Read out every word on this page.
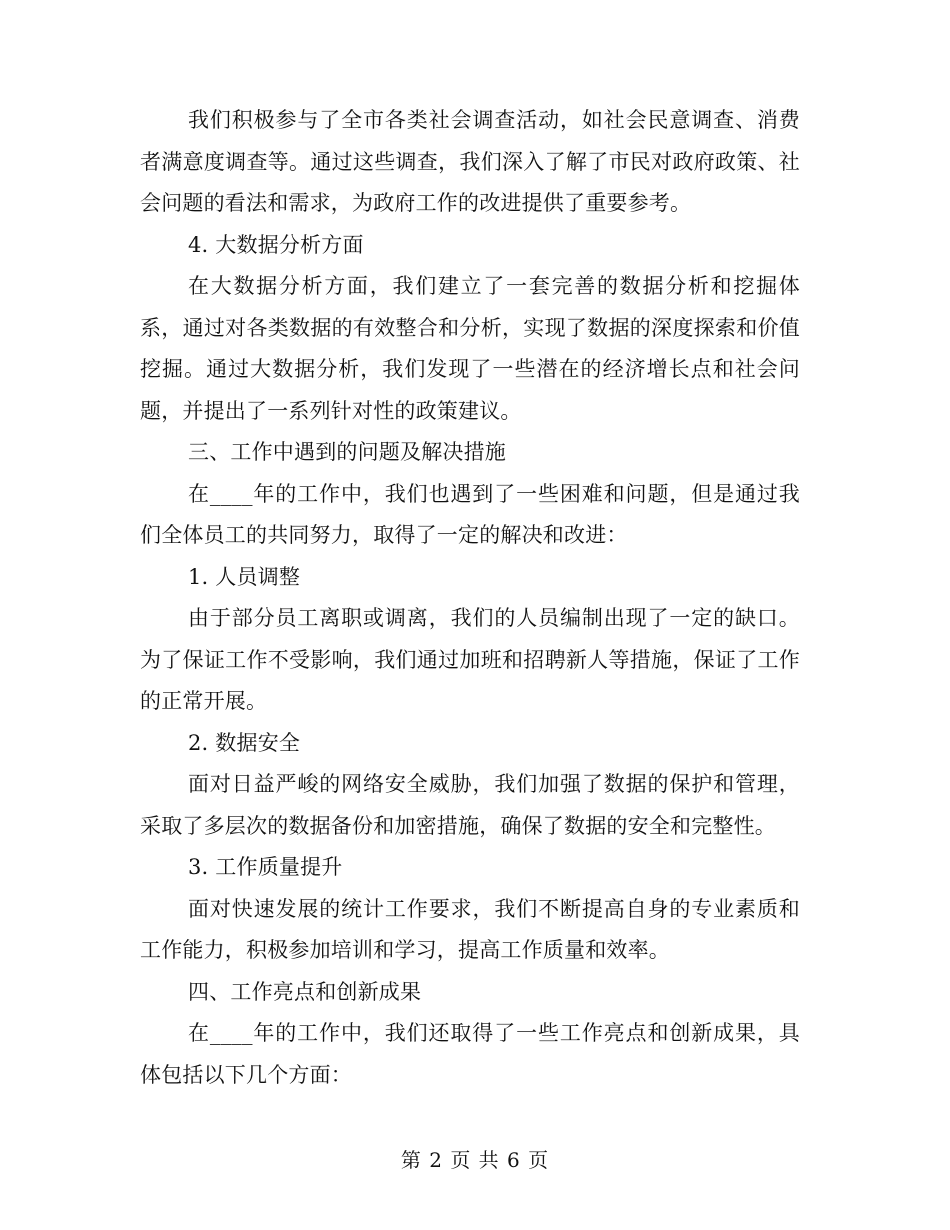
我们积极参与了全市各类社会调查活动，如社会民意调查、消费者满意度调查等。通过这些调查，我们深入了解了市民对政府政策、社会问题的看法和需求，为政府工作的改进提供了重要参考。

4. 大数据分析方面

在大数据分析方面，我们建立了一套完善的数据分析和挖掘体系，通过对各类数据的有效整合和分析，实现了数据的深度探索和价值挖掘。通过大数据分析，我们发现了一些潜在的经济增长点和社会问题，并提出了一系列针对性的政策建议。

三、工作中遇到的问题及解决措施

在____年的工作中，我们也遇到了一些困难和问题，但是通过我们全体员工的共同努力，取得了一定的解决和改进：

1. 人员调整

由于部分员工离职或调离，我们的人员编制出现了一定的缺口。为了保证工作不受影响，我们通过加班和招聘新人等措施，保证了工作的正常开展。

2. 数据安全

面对日益严峻的网络安全威胁，我们加强了数据的保护和管理，采取了多层次的数据备份和加密措施，确保了数据的安全和完整性。

3. 工作质量提升

面对快速发展的统计工作要求，我们不断提高自身的专业素质和工作能力，积极参加培训和学习，提高工作质量和效率。

四、工作亮点和创新成果

在____年的工作中，我们还取得了一些工作亮点和创新成果，具体包括以下几个方面：

第 2 页 共 6 页
